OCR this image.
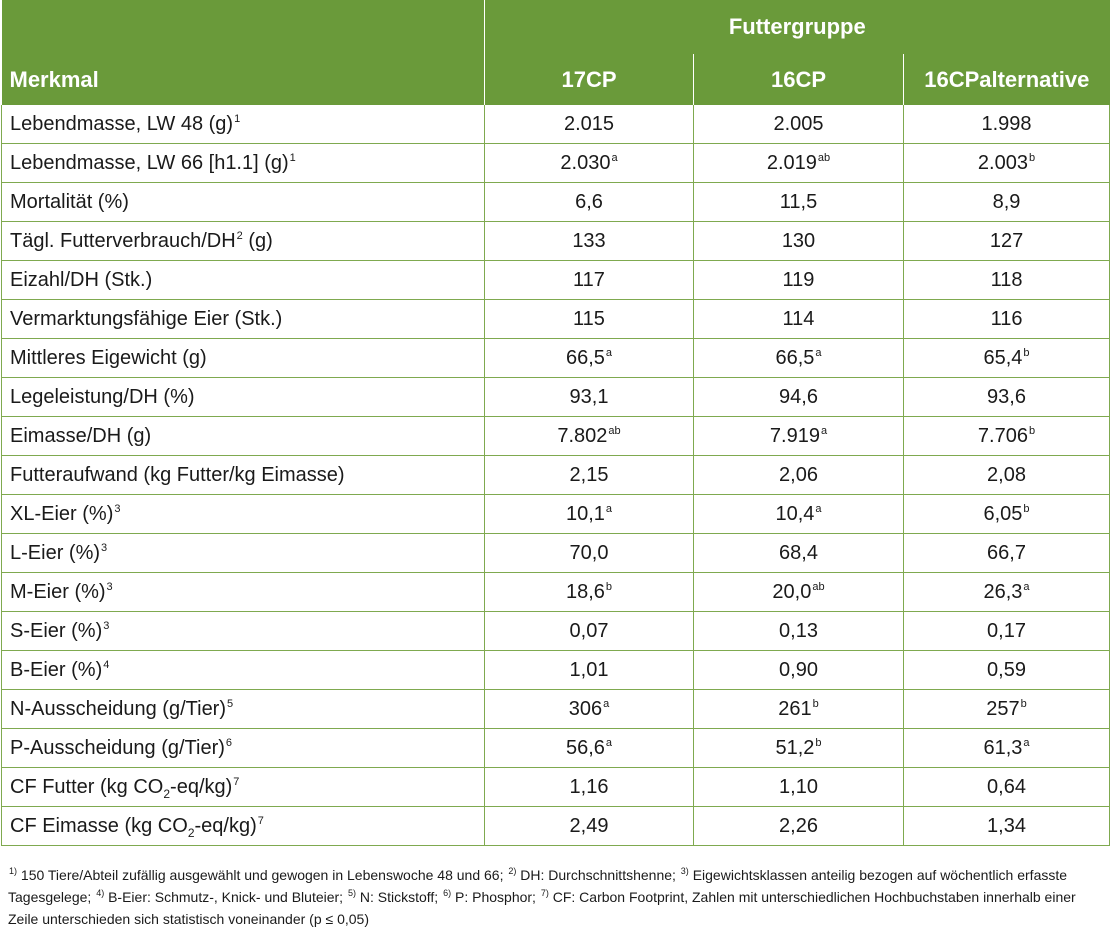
	Futtergruppe		
Merkmal	17CP	16CP	16CPalternative
Lebendmasse, LW 48 $(g)^1$	2.015	2.005	1.998
Lebendmasse, LW 66 [h1.1] $(g)^1$	2.030$^a$	2.019$^{ab}$	2.003$^b$
Mortalität (%)	6,6	11,5	8,9
Tägl. Futterverbrauch/$DH^2$ (g)	133	130	127
Eizahl/DH (Stk.)	117	119	118
Vermarktungsfähige Eier (Stk.)	115	114	116
Mittleres Eigewicht (g)	66,5$^a$	66,5$^a$	65,4$^b$
Legeleistung/DH (%)	93,1	94,6	93,6
Eimasse/DH (g)	7.802$^{ab}$	7.919$^a$	7.706$^b$
Futteraufwand (kg Futter/kg Eimasse)	2,15	2,06	2,08
XL-Eier (%)$^3$	10,1$^a$	10,4$^a$	6,05$^b$
L-Eier (%)$^3$	70,0	68,4	66,7
M-Eier (%)$^3$	18,6$^b$	20,0$^{ab}$	26,3$^a$
S-Eier (%)$^3$	0,07	0,13	0,17
B-Eier (%)$^4$	1,01	0,90	0,59
N-Ausscheidung (g/Tier)$^5$	306$^a$	261$^b$	257$^b$
P-Ausscheidung (g/Tier)$^6$	56,6$^a$	51,2$^b$	61,3$^a$
CF Futter (kg $CO_2-eq/kg)^7$	1,16	1,10	0,64
CF Eimasse (kg $CO_2-eq/kg)^7$	2,49	2,26	1,34
$^{1)}$ 150 Tiere/Abteil zufällig ausgewählt und gewogen in Lebenswoche 48 und 66; $^{2)}$ DH: Durchschnittshenne; $^{3)}$ Eigewichtsklassen anteilig bezogen auf wöchentlich erfasste Tagesgelege; $^{4)}$ B-Eier: Schmutz-, Knick- und Bluteier; $^{5)}$ N: Stickstoff; $^{6)}$ P: Phosphor; $^{7)}$ CF: Carbon Footprint, Zahlen mit unterschiedlichen Hochbuchstaben innerhalb einer Zeile unterschieden sich statistisch voneinander (p ≤ 0,05)
